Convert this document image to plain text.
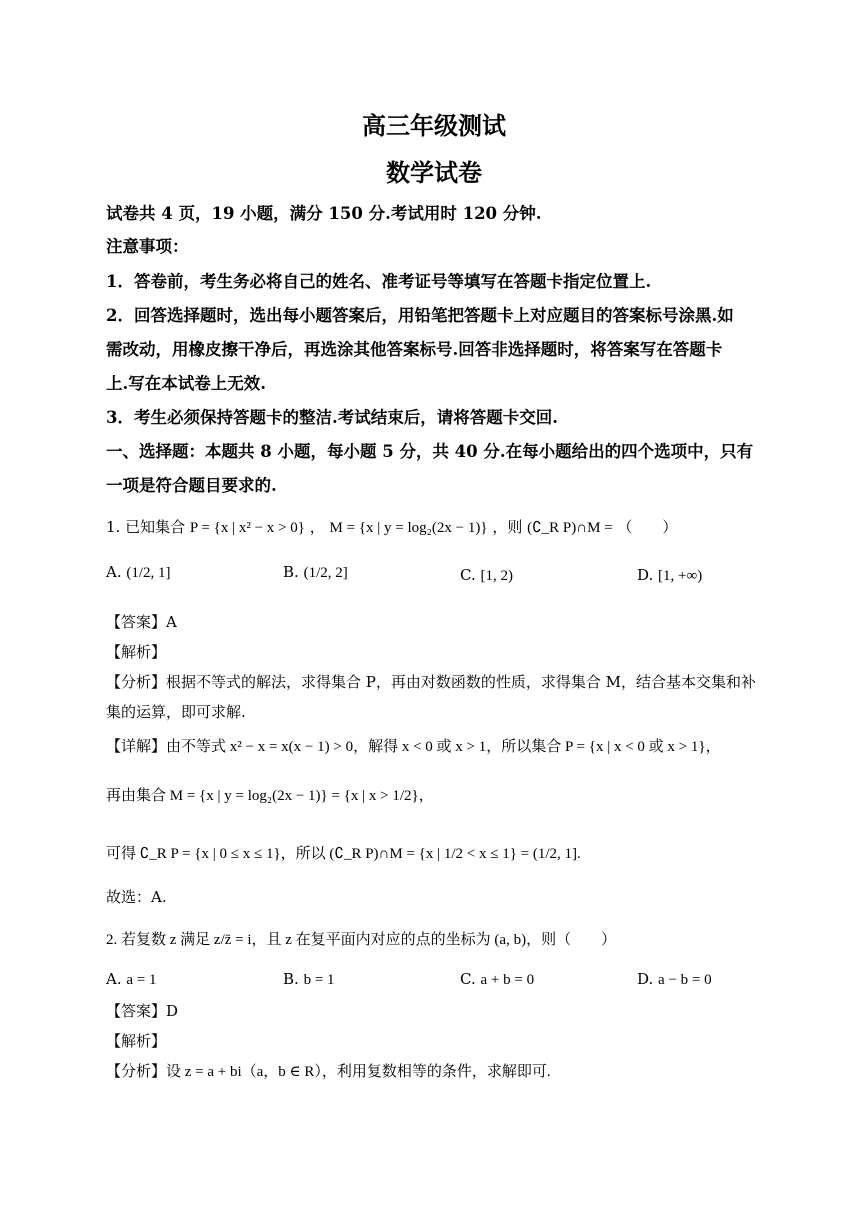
高三年级测试
数学试卷
试卷共 4 页，19 小题，满分 150 分.考试用时 120 分钟.
注意事项：
1．答卷前，考生务必将自己的姓名、准考证号等填写在答题卡指定位置上.
2．回答选择题时，选出每小题答案后，用铅笔把答题卡上对应题目的答案标号涂黑.如
需改动，用橡皮擦干净后，再选涂其他答案标号.回答非选择题时，将答案写在答题卡
上.写在本试卷上无效.
3．考生必须保持答题卡的整洁.考试结束后，请将答题卡交回.
一、选择题：本题共 8 小题，每小题 5 分，共 40 分.在每小题给出的四个选项中，只有
一项是符合题目要求的.
1. 已知集合 P = {x | x² − x > 0} ， M = {x | y = log₂(2x − 1)} ，则 (∁_R P)∩M = （　　）
A. (1/2, 1]	B. (1/2, 2]	C. [1, 2)	D. [1, +∞)
【答案】A
【解析】
【分析】根据不等式的解法，求得集合 P，再由对数函数的性质，求得集合 M，结合基本交集和补
集的运算，即可求解.
【详解】由不等式 x² − x = x(x − 1) > 0，解得 x < 0 或 x > 1，所以集合 P = {x | x < 0 或 x > 1}，
再由集合 M = {x | y = log₂(2x − 1)} = {x | x > 1/2}，
可得 ∁_R P = {x | 0 ≤ x ≤ 1}，所以 (∁_R P)∩M = {x | 1/2 < x ≤ 1} = (1/2, 1].
故选：A.
2. 若复数 z 满足 z/z̄ = i，且 z 在复平面内对应的点的坐标为 (a, b)，则（　　）
A. a = 1	B. b = 1	C. a + b = 0	D. a − b = 0
【答案】D
【解析】
【分析】设 z = a + bi（a，b ∈ R），利用复数相等的条件，求解即可.
